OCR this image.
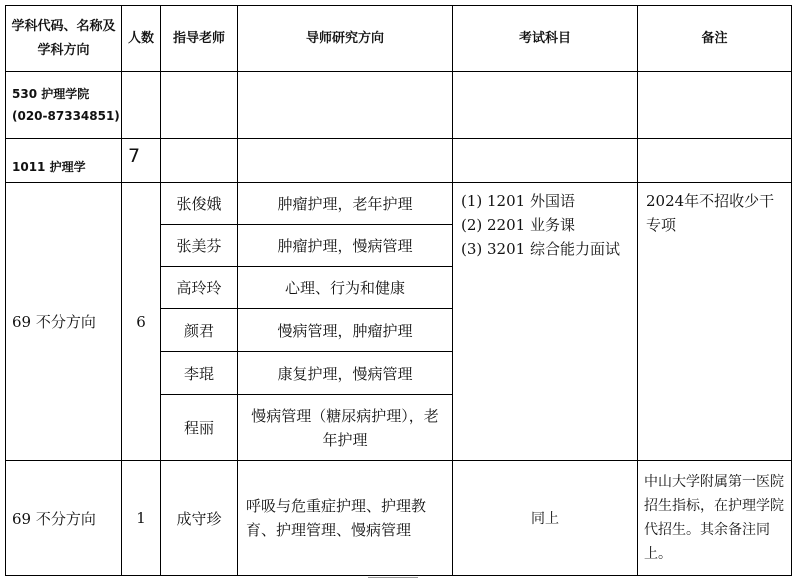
学科代码、名称及学科方向	人数	指导老师	导师研究方向	考试科目	备注

530 护理学院
(020-87334851)					

1011 护理学	7				
69 不分方向	6	张俊娥	肿瘤护理，老年护理	(1) 1201 外国语
(2) 2201 业务课
(3) 3201 综合能力面试	2024年不招收少干专项
		张美芬	肿瘤护理，慢病管理		
		高玲玲	心理、行为和健康		
		颜君	慢病管理，肿瘤护理		
		李琨	康复护理，慢病管理		
		程丽	慢病管理（糖尿病护理），老年护理		
69 不分方向	1	成守珍	呼吸与危重症护理、护理教育、护理管理、慢病管理	同上	中山大学附属第一医院招生指标，在护理学院代招生。其余备注同上。
